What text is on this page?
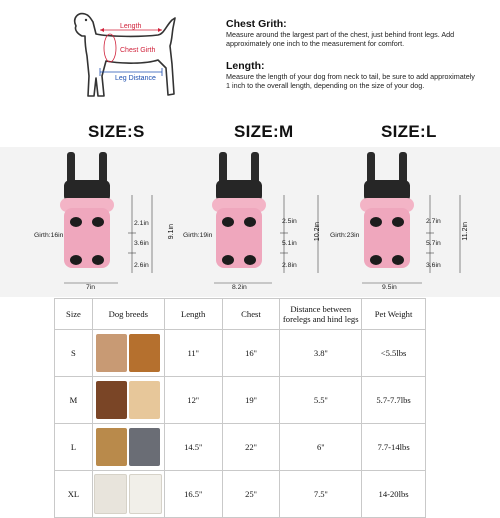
Length
Chest Girth
Leg Distance
Chest Grith:
Measure around the largest part of the chest, just behind front legs. Add approximately one inch to the measurement for comfort.
Length:
Measure the length of your dog from neck to tail, be sure to add approximately 1 inch to the overall length, depending on the size of your dog.
SIZE:S	SIZE:M	SIZE:L
Girth:16in
2.1in
3.6in
2.6in
9.1in
7in
Girth:19in
2.5in
5.1in
2.8in
10.2in
8.2in
Girth:23in
2.7in
5.7in
3.6in
11.2in
9.5in
Size	Dog breeds	Length	Chest	Distance between forelegs and hind legs	Pet Weight
S		11''	16''	3.8''	<5.5lbs
M		12''	19''	5.5''	5.7-7.7lbs
L		14.5''	22''	6''	7.7-14lbs
XL		16.5''	25''	7.5''	14-20lbs
